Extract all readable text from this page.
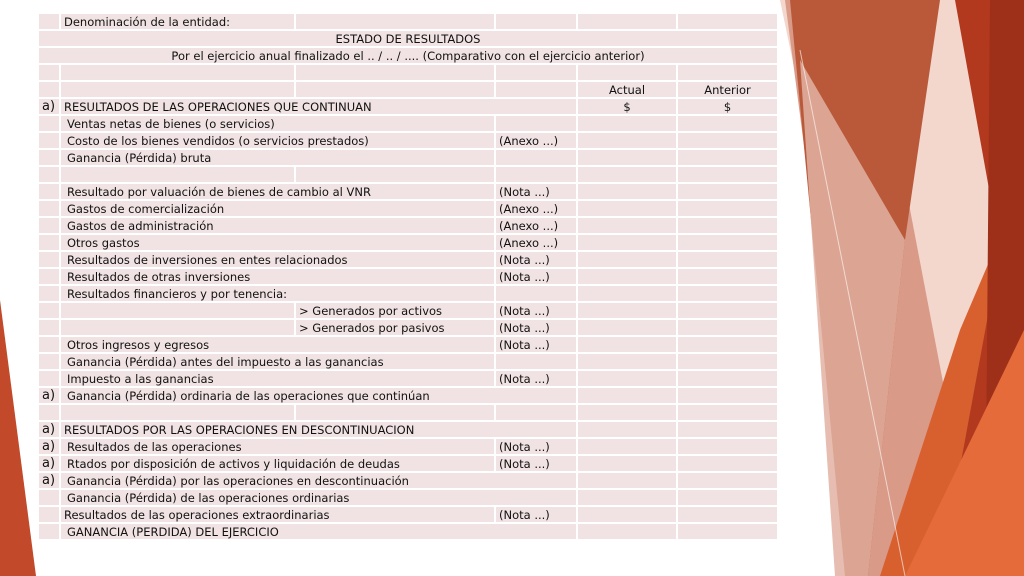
	Denominación de la entidad:				
ESTADO DE RESULTADOS					
Por el ejercicio anual finalizado el .. / .. / .... (Comparativo con el ejercicio anterior)					

				Actual	Anterior
a)	RESULTADOS DE LAS OPERACIONES QUE CONTINUAN			$	$
	Ventas netas de bienes (o servicios)				
	Costo de los bienes vendidos (o servicios prestados)		(Anexo ...)		
	Ganancia (Pérdida) bruta				

	Resultado por valuación de bienes de cambio al VNR		(Nota ...)		
	Gastos de comercialización		(Anexo ...)		
	Gastos de administración		(Anexo ...)		
	Otros gastos		(Anexo ...)		
	Resultados de inversiones en entes relacionados		(Nota ...)		
	Resultados de otras inversiones		(Nota ...)		
	Resultados financieros y por tenencia:				
		> Generados por activos	(Nota ...)		
		> Generados por pasivos	(Nota ...)		
	Otros ingresos y egresos		(Nota ...)		
	Ganancia (Pérdida) antes del impuesto a las ganancias				
	Impuesto a las ganancias		(Nota ...)		
a)	Ganancia (Pérdida) ordinaria de las operaciones que continúan				

a)	RESULTADOS POR LAS OPERACIONES EN DESCONTINUACION				
a)	Resultados de las operaciones		(Nota ...)		
a)	Rtados por disposición de activos y liquidación de deudas		(Nota ...)		
a)	Ganancia (Pérdida) por las operaciones en descontinuación				
	Ganancia (Pérdida) de las operaciones ordinarias				
	Resultados de las operaciones extraordinarias		(Nota ...)		
	GANANCIA (PERDIDA) DEL EJERCICIO				
